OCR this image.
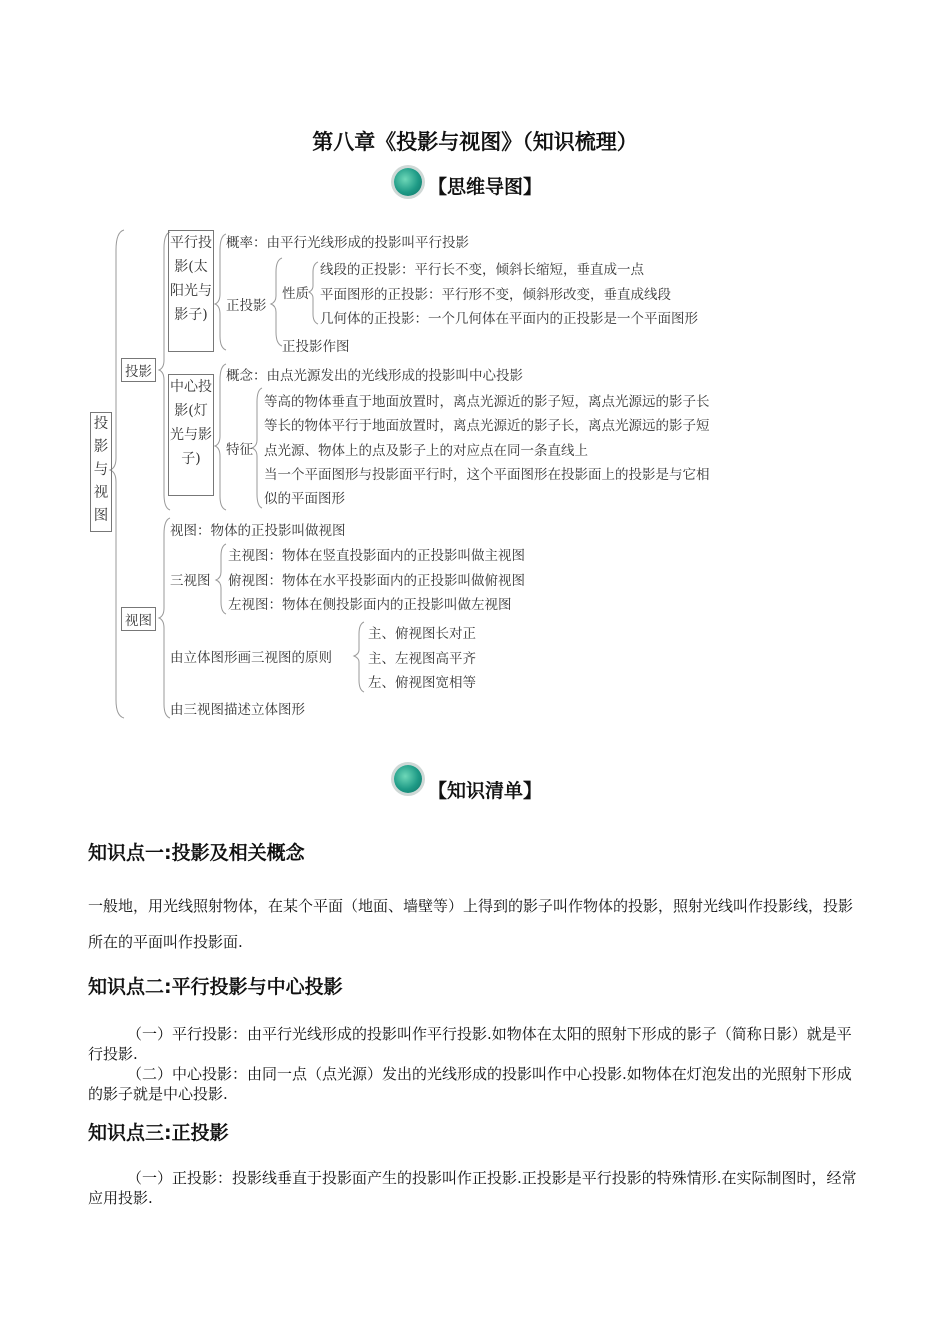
第八章《投影与视图》（知识梳理）
【思维导图】
投影与视图
投影
平行投影(太阳光与影子)
概率：由平行光线形成的投影叫平行投影
正投影
性质
线段的正投影：平行长不变，倾斜长缩短，垂直成一点
平面图形的正投影：平行形不变，倾斜形改变，垂直成线段
几何体的正投影：一个几何体在平面内的正投影是一个平面图形
正投影作图
中心投影(灯光与影子)
概念：由点光源发出的光线形成的投影叫中心投影
特征
等高的物体垂直于地面放置时，离点光源近的影子短，离点光源远的影子长
等长的物体平行于地面放置时，离点光源近的影子长，离点光源远的影子短
点光源、物体上的点及影子上的对应点在同一条直线上
当一个平面图形与投影面平行时，这个平面图形在投影面上的投影是与它相
似的平面图形
视图
视图：物体的正投影叫做视图
三视图
主视图：物体在竖直投影面内的正投影叫做主视图
俯视图：物体在水平投影面内的正投影叫做俯视图
左视图：物体在侧投影面内的正投影叫做左视图
由立体图形画三视图的原则
主、俯视图长对正
主、左视图高平齐
左、俯视图宽相等
由三视图描述立体图形
【知识清单】
知识点一:投影及相关概念
一般地，用光线照射物体，在某个平面（地面、墙壁等）上得到的影子叫作物体的投影，照射光线叫作投影线，投影所在的平面叫作投影面.
知识点二:平行投影与中心投影
（一）平行投影：由平行光线形成的投影叫作平行投影.如物体在太阳的照射下形成的影子（简称日影）就是平行投影.
（二）中心投影：由同一点（点光源）发出的光线形成的投影叫作中心投影.如物体在灯泡发出的光照射下形成的影子就是中心投影.
知识点三:正投影
（一）正投影：投影线垂直于投影面产生的投影叫作正投影.正投影是平行投影的特殊情形.在实际制图时，经常应用投影.
